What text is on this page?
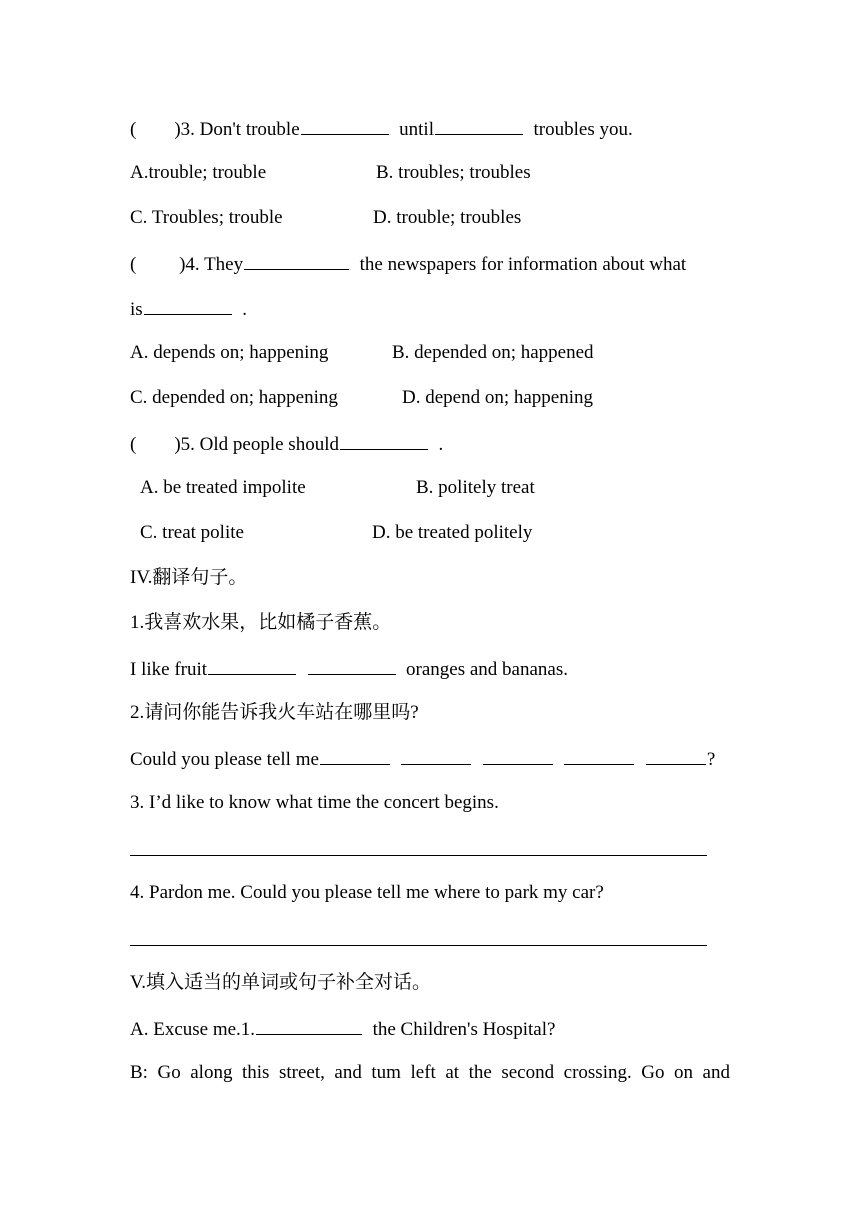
(        )3. Don't trouble	until	troubles you.
A.trouble; trouble	B. troubles; troubles
C. Troubles; trouble	D. trouble; troubles
(         )4. They	the newspapers for information about what
is	.
A. depends on; happening	B. depended on; happened
C. depended on; happening	D. depend on; happening
(        )5. Old people should	.
A. be treated impolite	B. politely treat
C. treat polite	D. be treated politely
IV.翻译句子。
1.我喜欢水果，比如橘子香蕉。
I like fruit	oranges and bananas.
2.请问你能告诉我火车站在哪里吗?
Could you please tell me	?
3. I’d like to know what time the concert begins.
4. Pardon me. Could you please tell me where to park my car?
V.填入适当的单词或句子补全对话。
A. Excuse me.1.	the Children's Hospital?
B: Go along this street, and tum left at the second crossing. Go on and
